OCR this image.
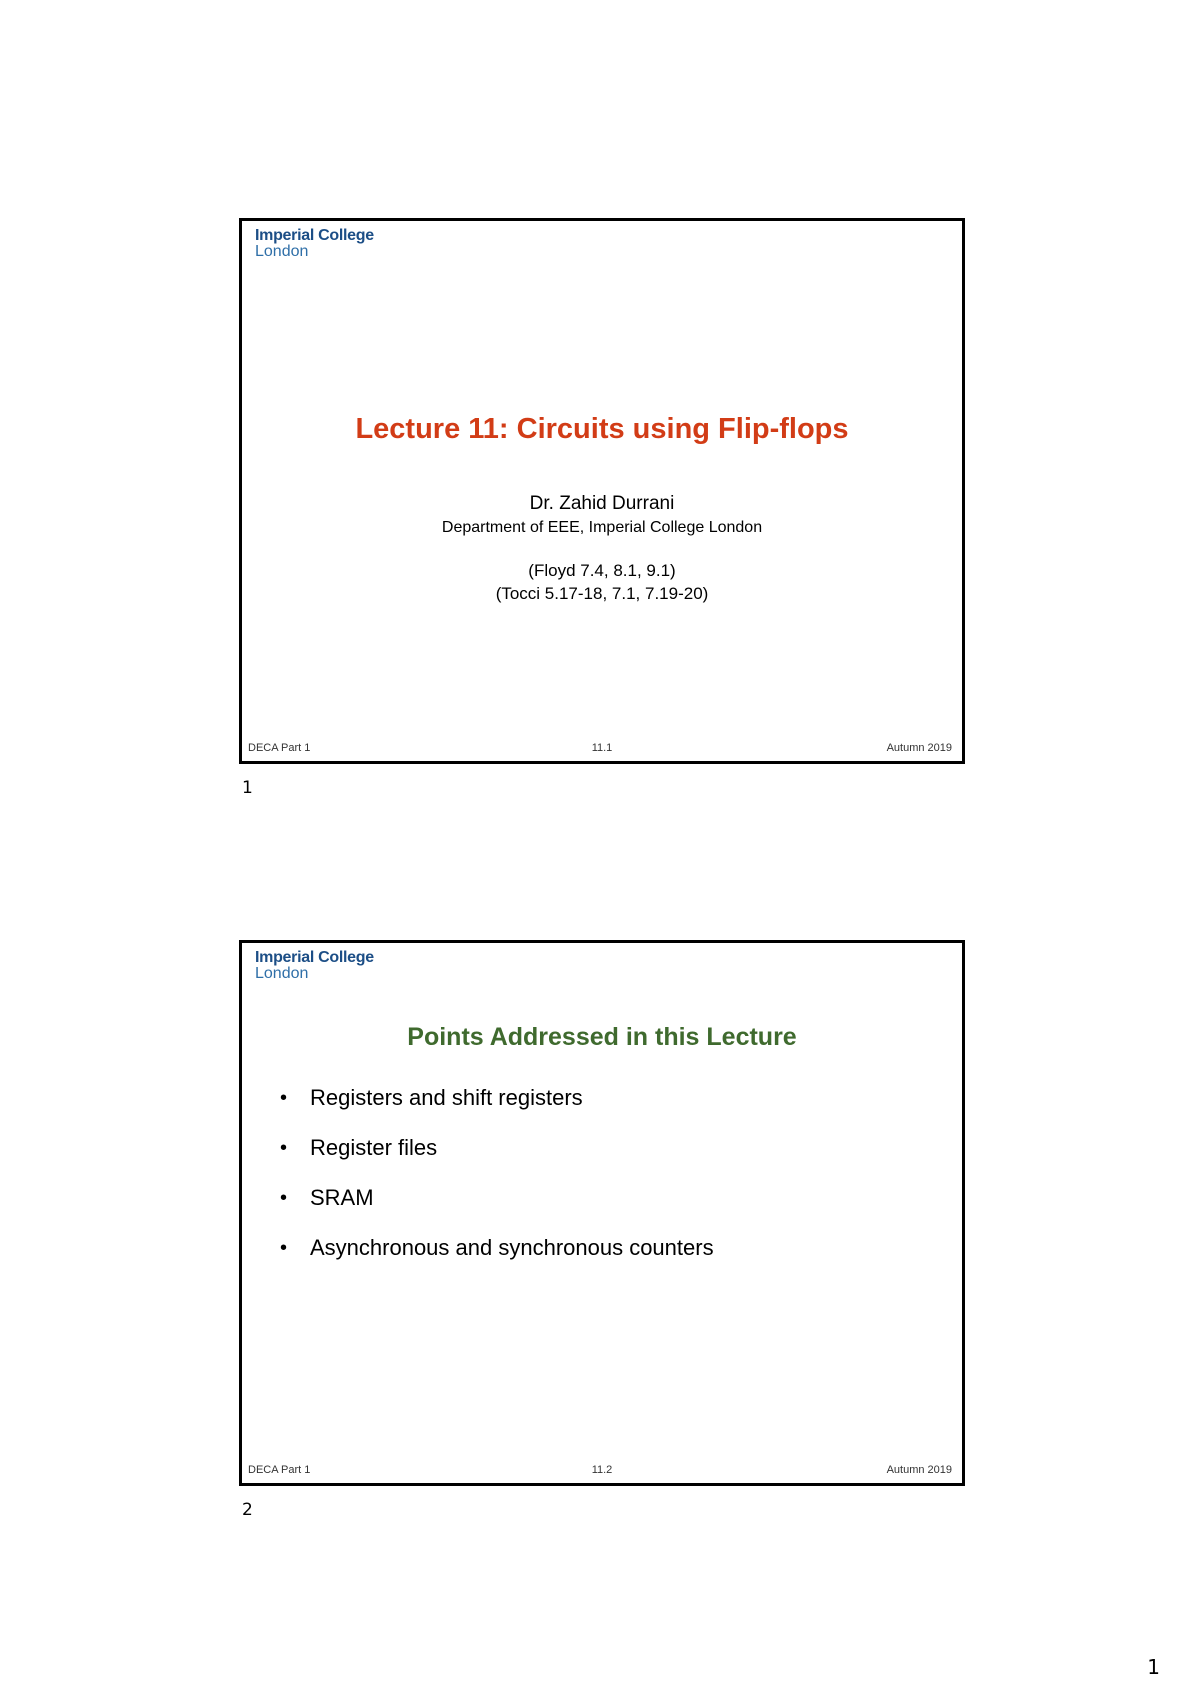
Imperial College
London
Lecture 11: Circuits using Flip-flops
Dr. Zahid Durrani
Department of EEE, Imperial College London
(Floyd 7.4, 8.1, 9.1)
(Tocci 5.17-18, 7.1, 7.19-20)
DECA Part 1	11.1	Autumn 2019
1
Imperial College
London
Points Addressed in this Lecture
• Registers and shift registers
• Register files
• SRAM
• Asynchronous and synchronous counters
DECA Part 1	11.2	Autumn 2019
2
1
